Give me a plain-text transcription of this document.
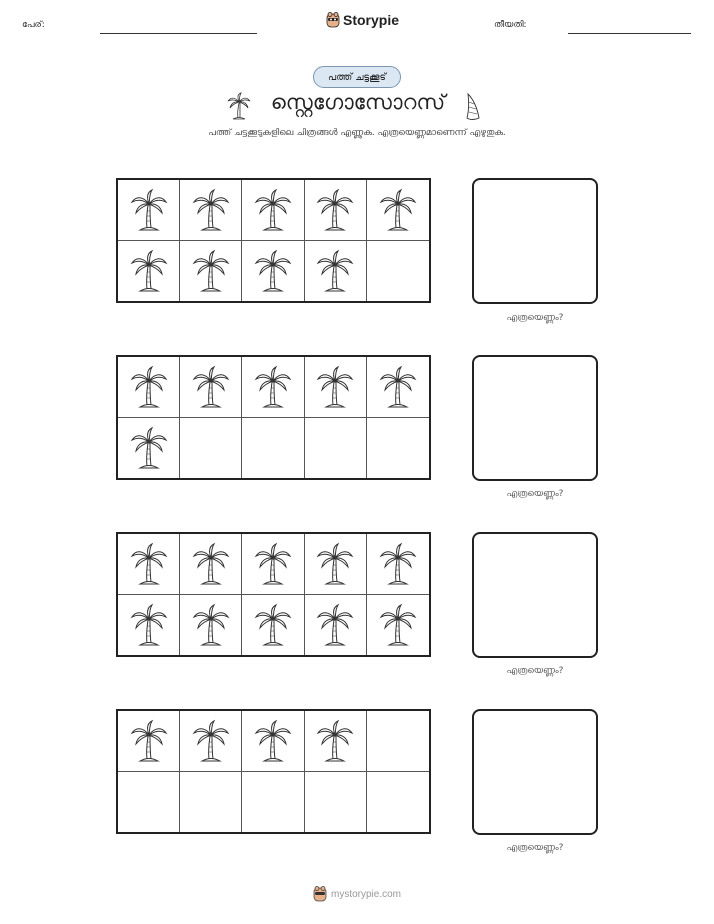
പേര്:	Storypie	തീയതി:
പത്ത് ചട്ടക്കൂട്
സ്റ്റെഗോസോറസ്
പത്ത് ചട്ടക്കൂടുകളിലെ ചിത്രങ്ങൾ എണ്ണുക. എത്രയെണ്ണമാണെന്ന് എഴുതുക.
എത്രയെണ്ണം?
എത്രയെണ്ണം?
എത്രയെണ്ണം?
എത്രയെണ്ണം?
mystorypie.com
